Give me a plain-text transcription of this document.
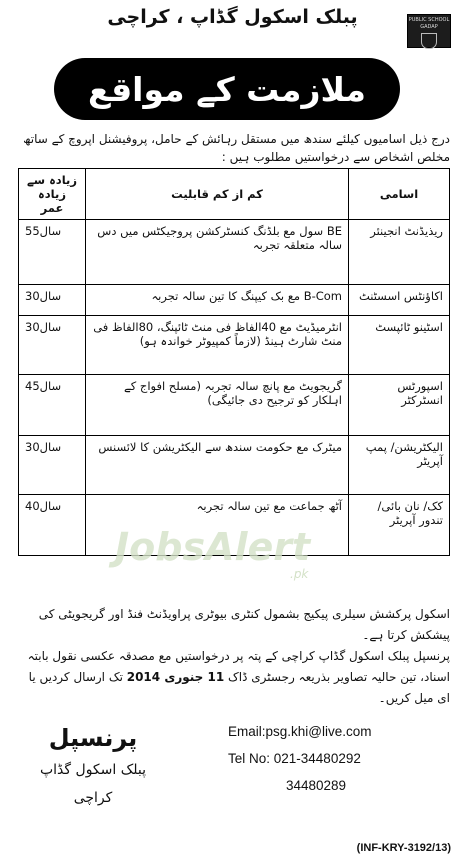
پبلک اسکول گڈاپ ، کراچی	PUBLIC SCHOOL GADAP
ملازمت کے مواقع
درج ذیل اسامیوں کیلئے سندھ میں مستقل رہائش کے حامل، پروفیشنل اپروچ کے ساتھ مخلص اشخاص سے درخواستیں مطلوب ہیں :
اسامی	کم از کم قابلیت	زیادہ سے زیادہ عمر
ریذیڈنٹ انجینئر	BE سول مع بلڈنگ کنسٹرکشن پروجیکٹس میں دس سالہ متعلقہ تجربہ	55سال
اکاؤنٹس اسسٹنٹ	B-Com مع بک کیپنگ کا تین سالہ تجربہ	30سال
اسٹینو ٹائپسٹ	انٹرمیڈیٹ مع 40الفاظ فی منٹ ٹائپنگ، 80الفاظ فی منٹ شارٹ ہینڈ (لازماً کمپیوٹر خواندہ ہو)	30سال
اسپورٹس انسٹرکٹر	گریجویٹ مع پانچ سالہ تجربہ (مسلح افواج کے اہلکار کو ترجیح دی جائیگی)	45سال
الیکٹریشن/ پمپ آپریٹر	میٹرک مع حکومت سندھ سے الیکٹریشن کا لائسنس	30سال
کک/ نان بائی/ تندور آپریٹر	آٹھ جماعت مع تین سالہ تجربہ	40سال
JobsAlert
.pk
اسکول پرکشش سیلری پیکیج بشمول کنٹری بیوٹری پراویڈنٹ فنڈ اور گریجویٹی کی پیشکش کرتا ہے۔
پرنسپل پبلک اسکول گڈاپ کراچی کے پتہ پر درخواستیں مع مصدقہ عکسی نقول بابتہ اسناد، تین حالیہ تصاویر بذریعہ رجسٹری ڈاک 11 جنوری 2014 تک ارسال کردیں یا ای میل کریں۔
Email:psg.khi@live.com
Tel No: 021-34480292
34480289
پرنسپل
پبلک اسکول گڈاپ
کراچی
(INF-KRY-3192/13)
